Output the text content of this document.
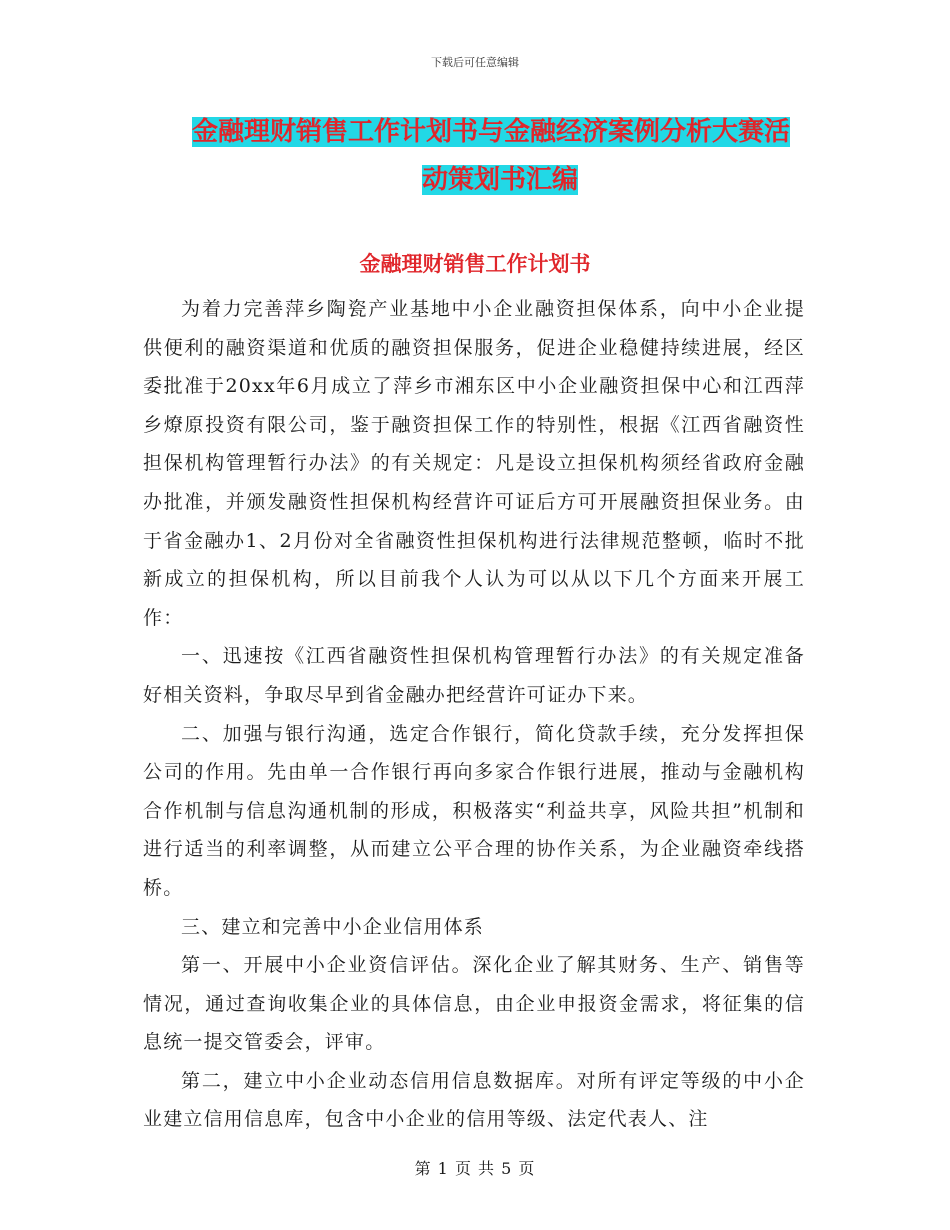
下载后可任意编辑
金融理财销售工作计划书与金融经济案例分析大赛活
动策划书汇编
金融理财销售工作计划书

为着力完善萍乡陶瓷产业基地中小企业融资担保体系，向中小企业提供便利的融资渠道和优质的融资担保服务，促进企业稳健持续进展，经区委批准于20xx年6月成立了萍乡市湘东区中小企业融资担保中心和江西萍乡燎原投资有限公司，鉴于融资担保工作的特别性，根据《江西省融资性担保机构管理暂行办法》的有关规定：凡是设立担保机构须经省政府金融办批准，并颁发融资性担保机构经营许可证后方可开展融资担保业务。由于省金融办1、2月份对全省融资性担保机构进行法律规范整顿，临时不批新成立的担保机构，所以目前我个人认为可以从以下几个方面来开展工作：

一、迅速按《江西省融资性担保机构管理暂行办法》的有关规定准备好相关资料，争取尽早到省金融办把经营许可证办下来。

二、加强与银行沟通，选定合作银行，简化贷款手续，充分发挥担保公司的作用。先由单一合作银行再向多家合作银行进展，推动与金融机构合作机制与信息沟通机制的形成，积极落实“利益共享，风险共担”机制和进行适当的利率调整，从而建立公平合理的协作关系，为企业融资牵线搭桥。

三、建立和完善中小企业信用体系

第一、开展中小企业资信评估。深化企业了解其财务、生产、销售等情况，通过查询收集企业的具体信息，由企业申报资金需求，将征集的信息统一提交管委会，评审。

第二，建立中小企业动态信用信息数据库。对所有评定等级的中小企业建立信用信息库，包含中小企业的信用等级、法定代表人、注

第 1 页 共 5 页
